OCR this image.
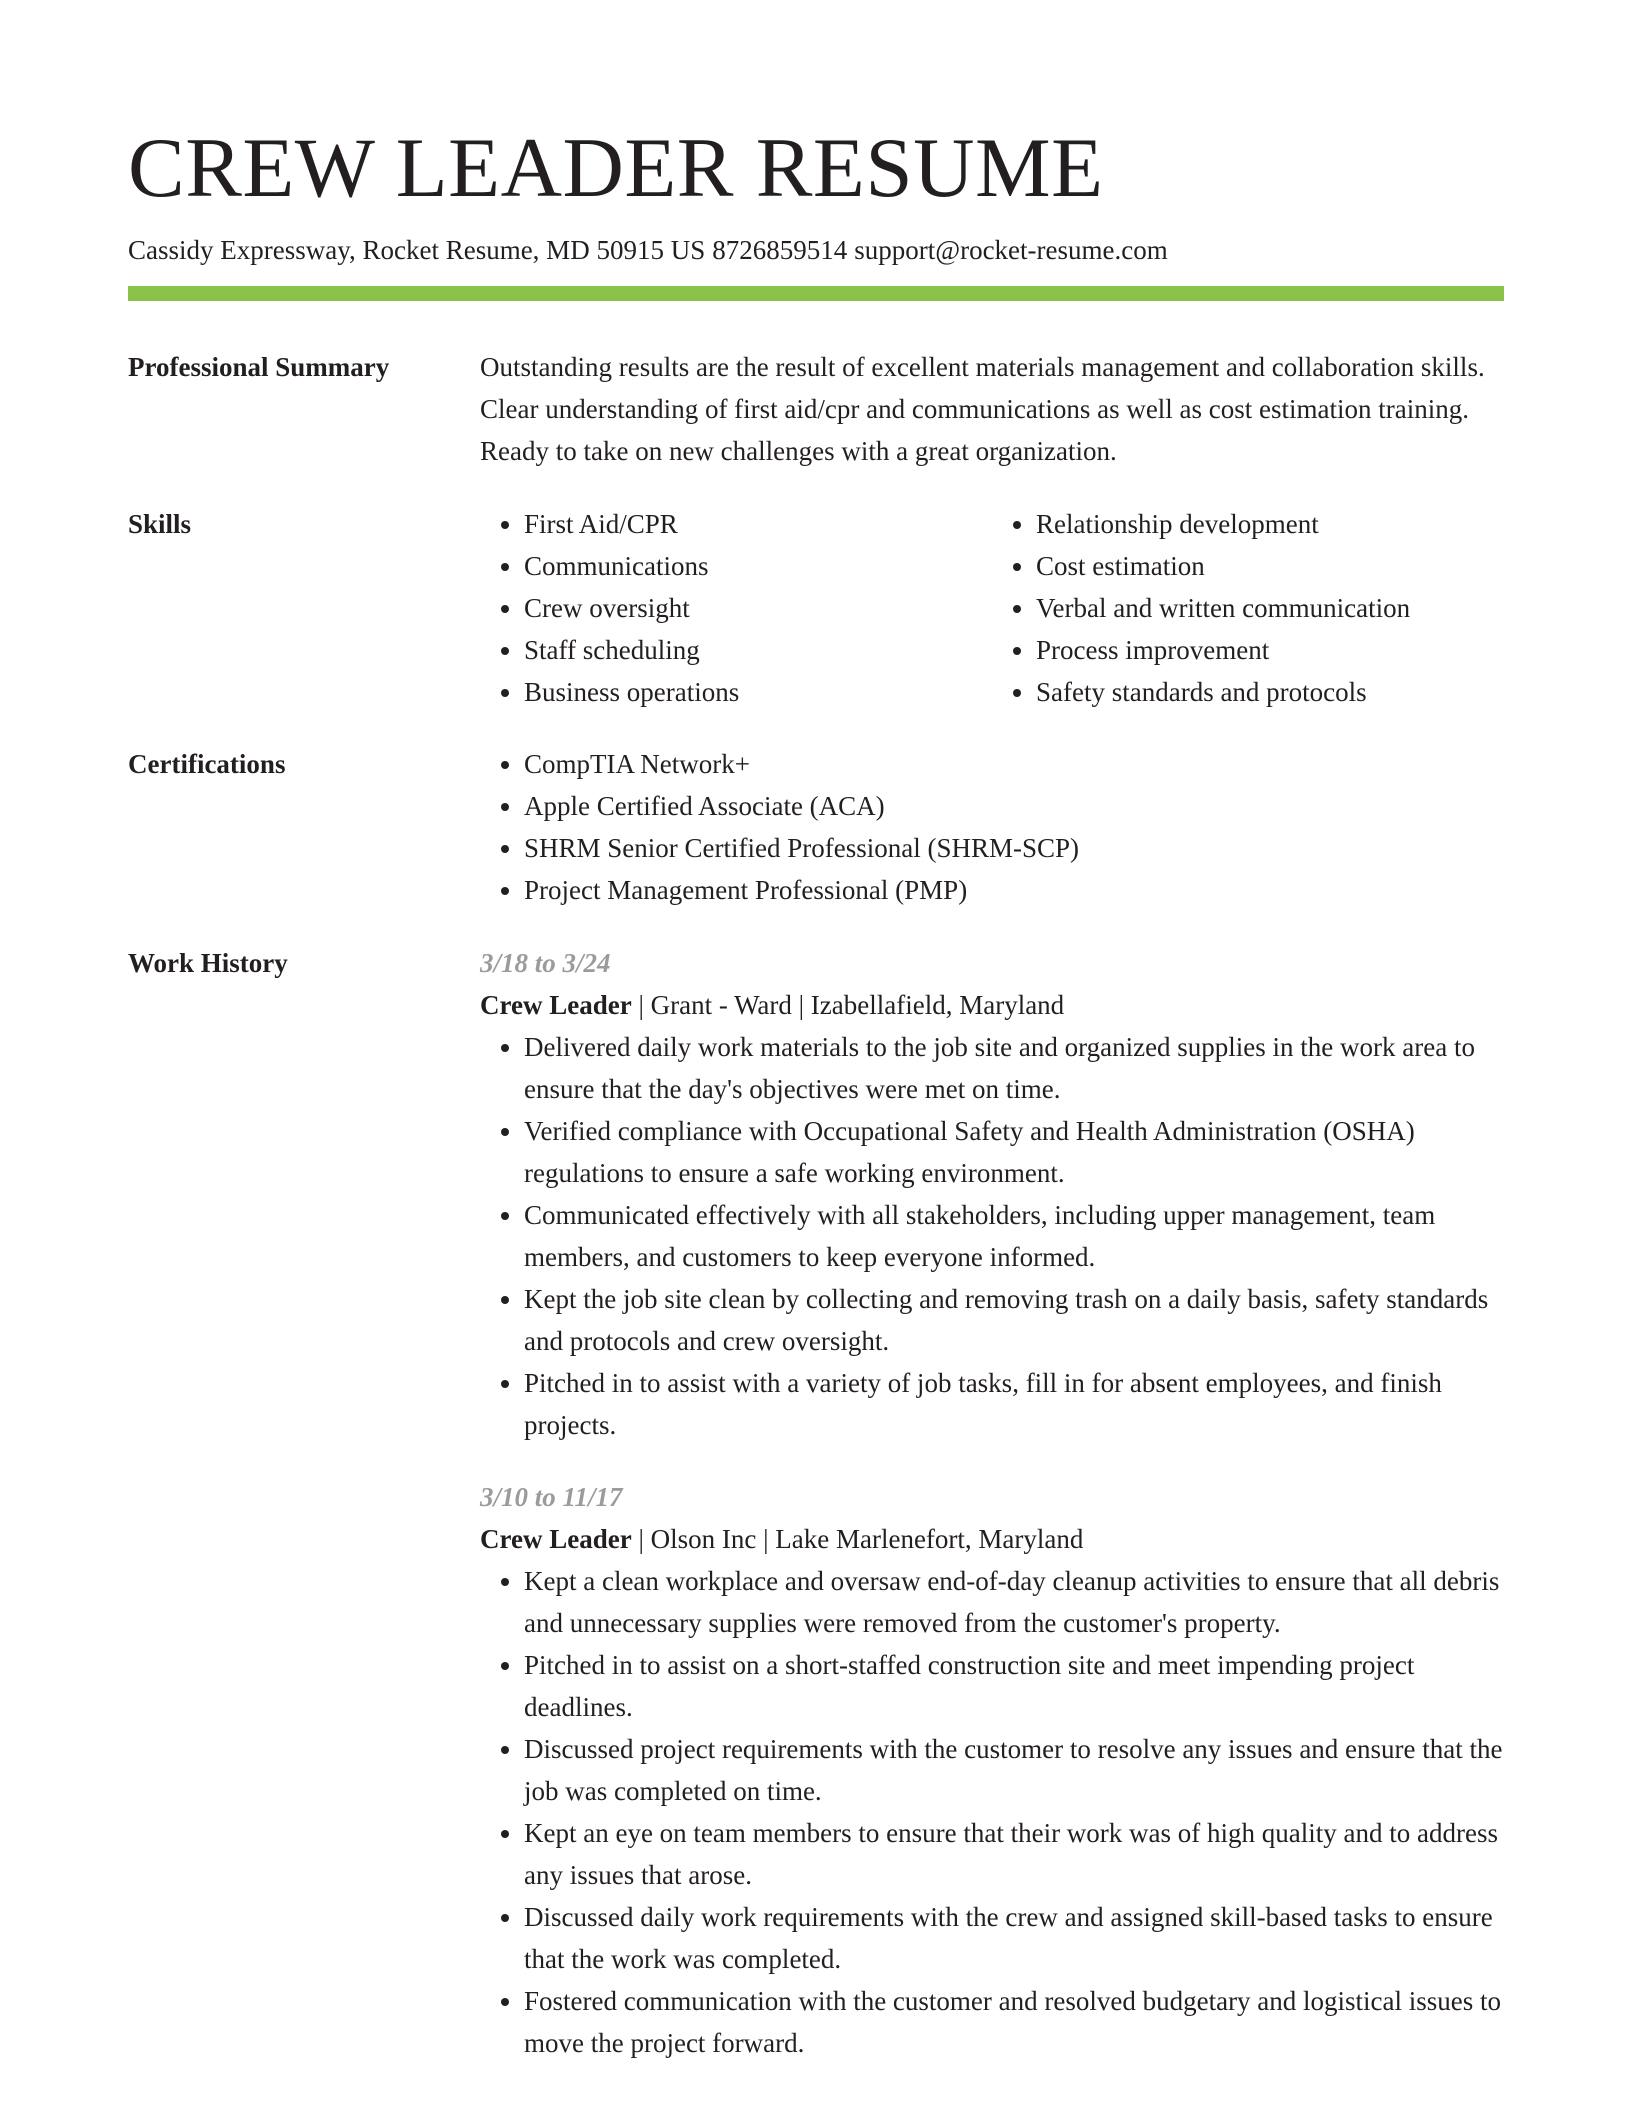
CREW LEADER RESUME
Cassidy Expressway, Rocket Resume, MD 50915 US 8726859514 support@rocket-resume.com
Professional Summary	Outstanding results are the result of excellent materials management and collaboration skills. Clear understanding of first aid/cpr and communications as well as cost estimation training. Ready to take on new challenges with a great organization.

Skills	• First Aid/CPR
• Communications
• Crew oversight
• Staff scheduling
• Business operations
• Relationship development
• Cost estimation
• Verbal and written communication
• Process improvement
• Safety standards and protocols
Certifications	• CompTIA Network+
• Apple Certified Associate (ACA)
• SHRM Senior Certified Professional (SHRM-SCP)
• Project Management Professional (PMP)
Work History	3/18 to 3/24
Crew Leader | Grant - Ward | Izabellafield, Maryland
• Delivered daily work materials to the job site and organized supplies in the work area to ensure that the day's objectives were met on time.
• Verified compliance with Occupational Safety and Health Administration (OSHA) regulations to ensure a safe working environment.
• Communicated effectively with all stakeholders, including upper management, team members, and customers to keep everyone informed.
• Kept the job site clean by collecting and removing trash on a daily basis, safety standards and protocols and crew oversight.
• Pitched in to assist with a variety of job tasks, fill in for absent employees, and finish projects.
3/10 to 11/17
Crew Leader | Olson Inc | Lake Marlenefort, Maryland
• Kept a clean workplace and oversaw end-of-day cleanup activities to ensure that all debris and unnecessary supplies were removed from the customer's property.
• Pitched in to assist on a short-staffed construction site and meet impending project deadlines.
• Discussed project requirements with the customer to resolve any issues and ensure that the job was completed on time.
• Kept an eye on team members to ensure that their work was of high quality and to address any issues that arose.
• Discussed daily work requirements with the crew and assigned skill-based tasks to ensure that the work was completed.
• Fostered communication with the customer and resolved budgetary and logistical issues to move the project forward.
